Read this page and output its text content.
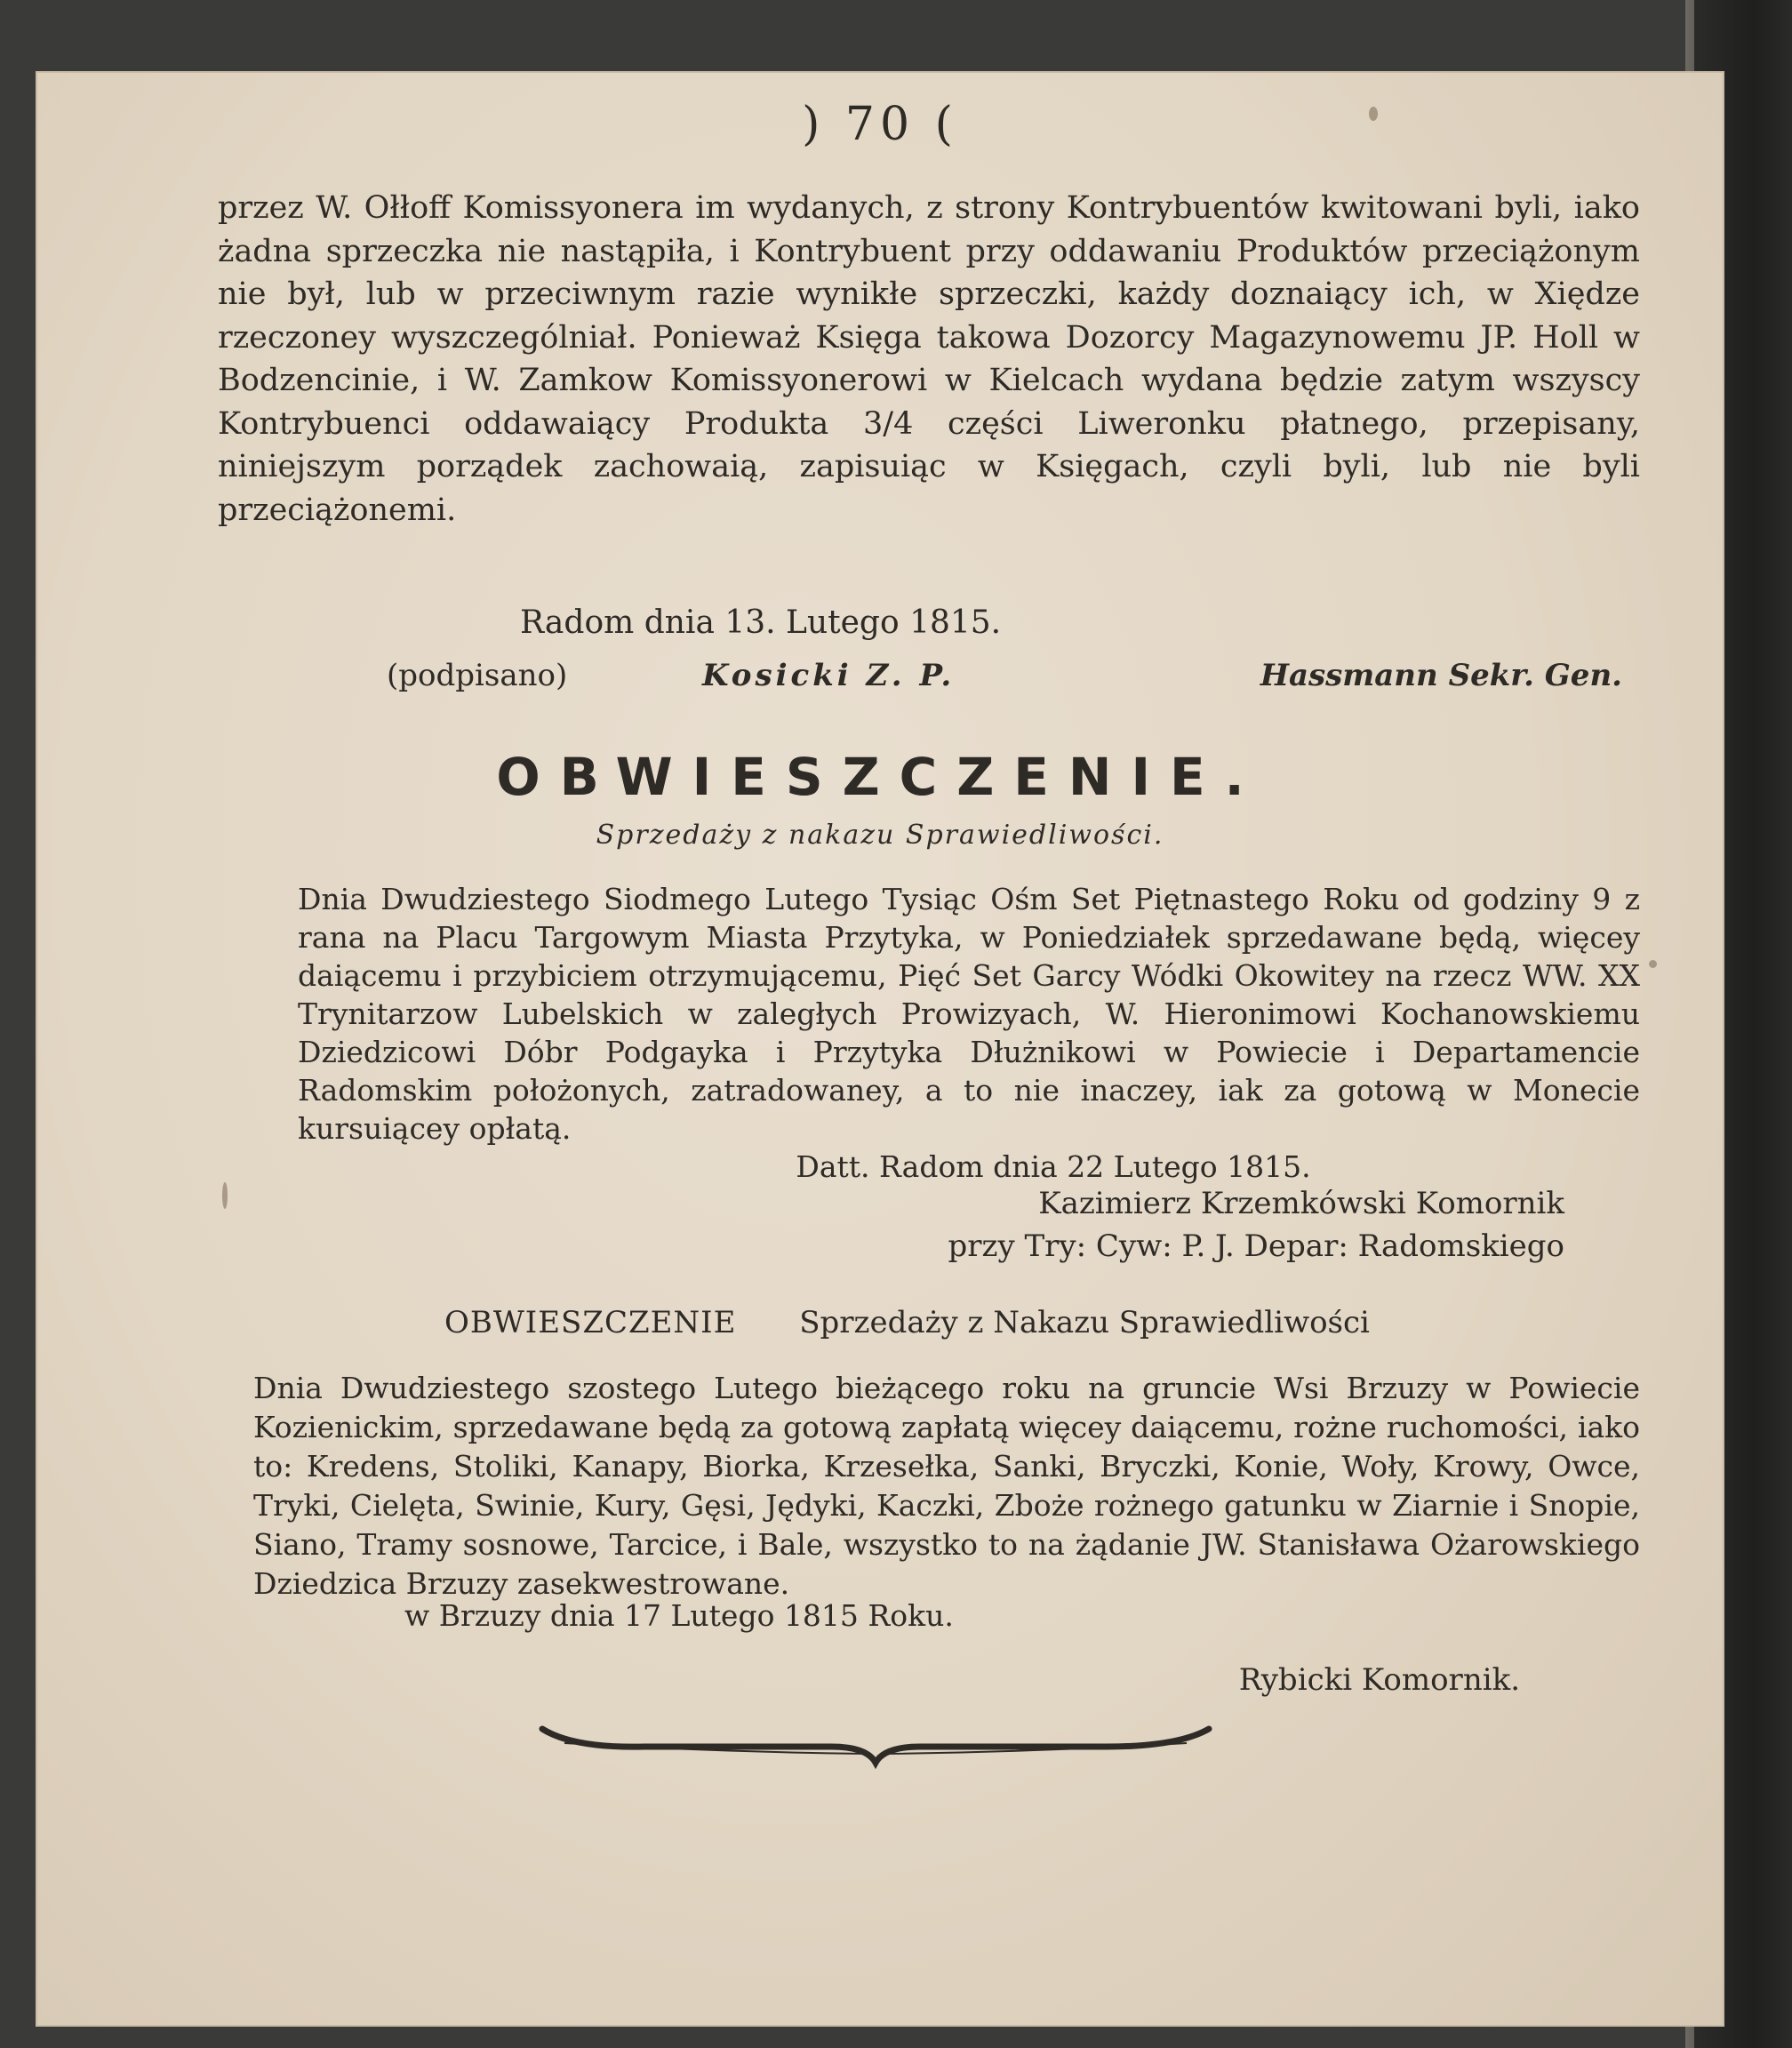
) 70 (

przez W. Ołłoff Komissyonera im wydanych, z strony Kontrybuentów kwitowani byli, iako żadna sprzeczka nie nastąpiła, i Kontrybuent przy oddawaniu Produktów przeciążonym nie był, lub w przeciwnym razie wynikłe sprzeczki, każdy doznaiący ich, w Xiędze rzeczoney wyszczególniał. Ponieważ Księga takowa Dozorcy Magazynowemu JP. Holl w Bodzencinie, i W. Zamkow Komissyonerowi w Kielcach wydana będzie zatym wszyscy Kontrybuenci oddawaiący Produkta 3/4 części Liweronku płatnego, przepisany, niniejszym porządek zachowaią, zapisuiąc w Księgach, czyli byli, lub nie byli przeciążonemi.

Radom dnia 13. Lutego 1815.
(podpisano)	Kosicki Z. P.	Hassmann Sekr. Gen.
OBWIESZCZENIE.
Sprzedaży z nakazu Sprawiedliwości.

Dnia Dwudziestego Siodmego Lutego Tysiąc Ośm Set Piętnastego Roku od godziny 9 z rana na Placu Targowym Miasta Przytyka, w Poniedziałek sprzedawane będą, więcey daiącemu i przybiciem otrzymującemu, Pięć Set Garcy Wódki Okowitey na rzecz WW. XX Trynitarzow Lubelskich w zaległych Prowizyach, W. Hieronimowi Kochanowskiemu Dziedzicowi Dóbr Podgayka i Przytyka Dłużnikowi w Powiecie i Departamencie Radomskim położonych, zatradowaney, a to nie inaczey, iak za gotową w Monecie kursuiącey opłatą.

Datt. Radom dnia 22 Lutego 1815.

Kazimierz Krzemkówski Komornik
przy Try: Cyw: P. J. Depar: Radomskiego
OBWIESZCZENIE Sprzedaży z Nakazu Sprawiedliwości

Dnia Dwudziestego szostego Lutego bieżącego roku na gruncie Wsi Brzuzy w Powiecie Kozienickim, sprzedawane będą za gotową zapłatą więcey daiącemu, rożne ruchomości, iako to: Kredens, Stoliki, Kanapy, Biorka, Krzesełka, Sanki, Bryczki, Konie, Woły, Krowy, Owce, Tryki, Cielęta, Swinie, Kury, Gęsi, Jędyki, Kaczki, Zboże rożnego gatunku w Ziarnie i Snopie, Siano, Tramy sosnowe, Tarcice, i Bale, wszystko to na żądanie JW. Stanisława Ożarowskiego Dziedzica Brzuzy zasekwestrowane.

w Brzuzy dnia 17 Lutego 1815 Roku.
Rybicki Komornik.
